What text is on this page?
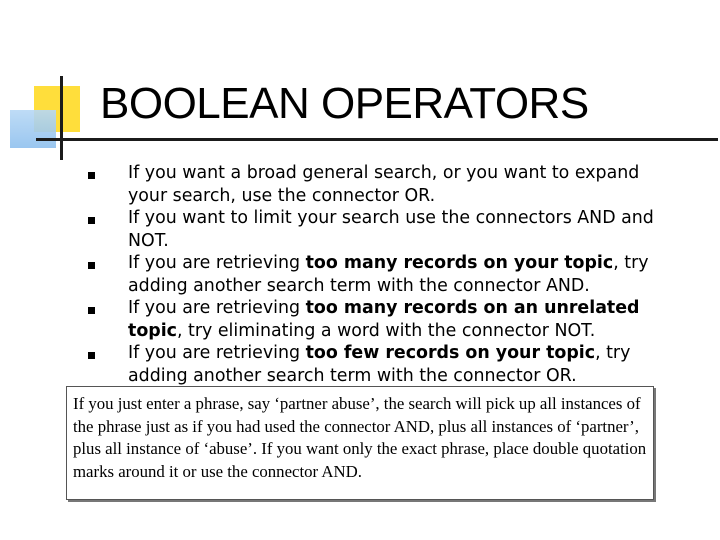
BOOLEAN OPERATORS
If you want a broad general search, or you want to expand your search, use the connector OR.
If you want to limit your search use the connectors AND and NOT.
If you are retrieving too many records on your topic, try adding another search term with the connector AND.
If you are retrieving too many records on an unrelated topic, try eliminating a word with the connector NOT.
If you are retrieving too few records on your topic, try adding another search term with the connector OR.
If you just enter a phrase, say ‘partner abuse’, the search will pick up all instances of the phrase just as if you had used the connector AND, plus all instances of ‘partner’, plus all instance of ‘abuse’. If you want only the exact phrase, place double quotation marks around it or use the connector AND.
